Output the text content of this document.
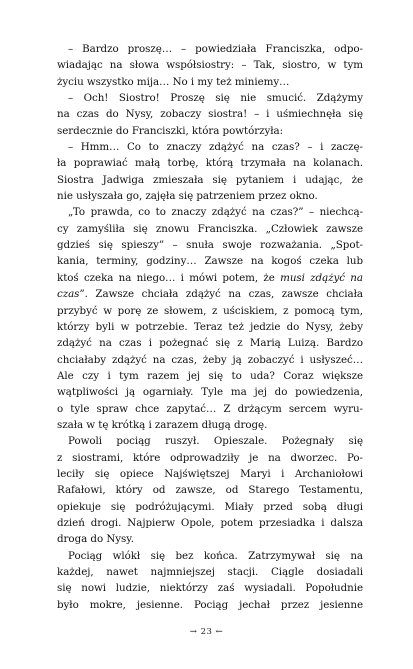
– Bardzo proszę… – powiedziała Franciszka, odpo-
wiadając na słowa współsiostry: – Tak, siostro, w tym
życiu wszystko mija… No i my też miniemy…
– Och! Siostro! Proszę się nie smucić. Zdążymy
na czas do Nysy, zobaczy siostra! – i uśmiechnęła się
serdecznie do Franciszki, która powtórzyła:
– Hmm… Co to znaczy zdążyć na czas? – i zaczę-
ła poprawiać małą torbę, którą trzymała na kolanach.
Siostra Jadwiga zmieszała się pytaniem i udając, że
nie usłyszała go, zajęła się patrzeniem przez okno.
„To prawda, co to znaczy zdążyć na czas?” – niechcą-
cy zamyśliła się znowu Franciszka. „Człowiek zawsze
gdzieś się spieszy” – snuła swoje rozważania. „Spot-
kania, terminy, godziny… Zawsze na kogoś czeka lub
ktoś czeka na niego… i mówi potem, że musi zdążyć na
czas”. Zawsze chciała zdążyć na czas, zawsze chciała
przybyć w porę ze słowem, z uściskiem, z pomocą tym,
którzy byli w potrzebie. Teraz też jedzie do Nysy, żeby
zdążyć na czas i pożegnać się z Marią Luizą. Bardzo
chciałaby zdążyć na czas, żeby ją zobaczyć i usłyszeć…
Ale czy i tym razem jej się to uda? Coraz większe
wątpliwości ją ogarniały. Tyle ma jej do powiedzenia,
o tyle spraw chce zapytać… Z drżącym sercem wyru-
szała w tę krótką i zarazem długą drogę.
Powoli pociąg ruszył. Opieszale. Pożegnały się
z siostrami, które odprowadziły je na dworzec. Po-
leciły się opiece Najświętszej Maryi i Archaniołowi
Rafałowi, który od zawsze, od Starego Testamentu,
opiekuje się podróżującymi. Miały przed sobą długi
dzień drogi. Najpierw Opole, potem przesiadka i dalsza
droga do Nysy.
Pociąg wlókł się bez końca. Zatrzymywał się na
każdej, nawet najmniejszej stacji. Ciągle dosiadali
się nowi ludzie, niektórzy zaś wysiadali. Popołudnie
było mokre, jesienne. Pociąg jechał przez jesienne
→ 23 ←
